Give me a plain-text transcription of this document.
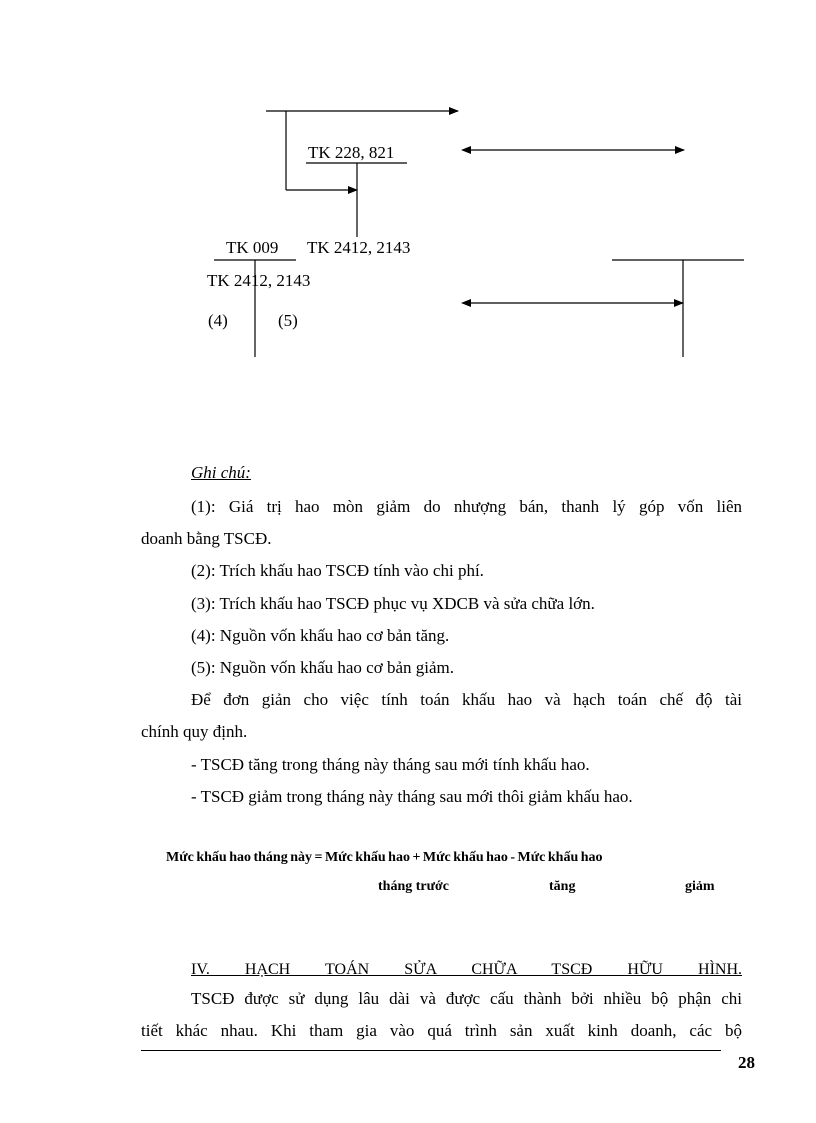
TK 228, 821
TK 009 TK 2412, 2143
TK 2412, 2143
(4)	(5)
Ghi chú:
(1): Giá trị hao mòn giảm do nhượng bán, thanh lý góp vốn liên
doanh bằng TSCĐ.
(2): Trích khấu hao TSCĐ tính vào chi phí.
(3): Trích khấu hao TSCĐ phục vụ XDCB và sửa chữa lớn.
(4): Nguồn vốn khấu hao cơ bản tăng.
(5): Nguồn vốn khấu hao cơ bản giảm.
Để đơn giản cho việc tính toán khấu hao và hạch toán chế độ tài
chính quy định.
- TSCĐ tăng trong tháng này tháng sau mới tính khấu hao.
- TSCĐ giảm trong tháng này tháng sau mới thôi giảm khấu hao.
Mức khấu hao tháng này = Mức khấu hao + Mức khấu hao - Mức khấu hao
tháng trước	tăng	giảm
IV. HẠCH TOÁN SỬA CHỮA TSCĐ HỮU HÌNH.
TSCĐ được sử dụng lâu dài và được cấu thành bởi nhiều bộ phận chi
tiết khác nhau. Khi tham gia vào quá trình sản xuất kinh doanh, các bộ
28
